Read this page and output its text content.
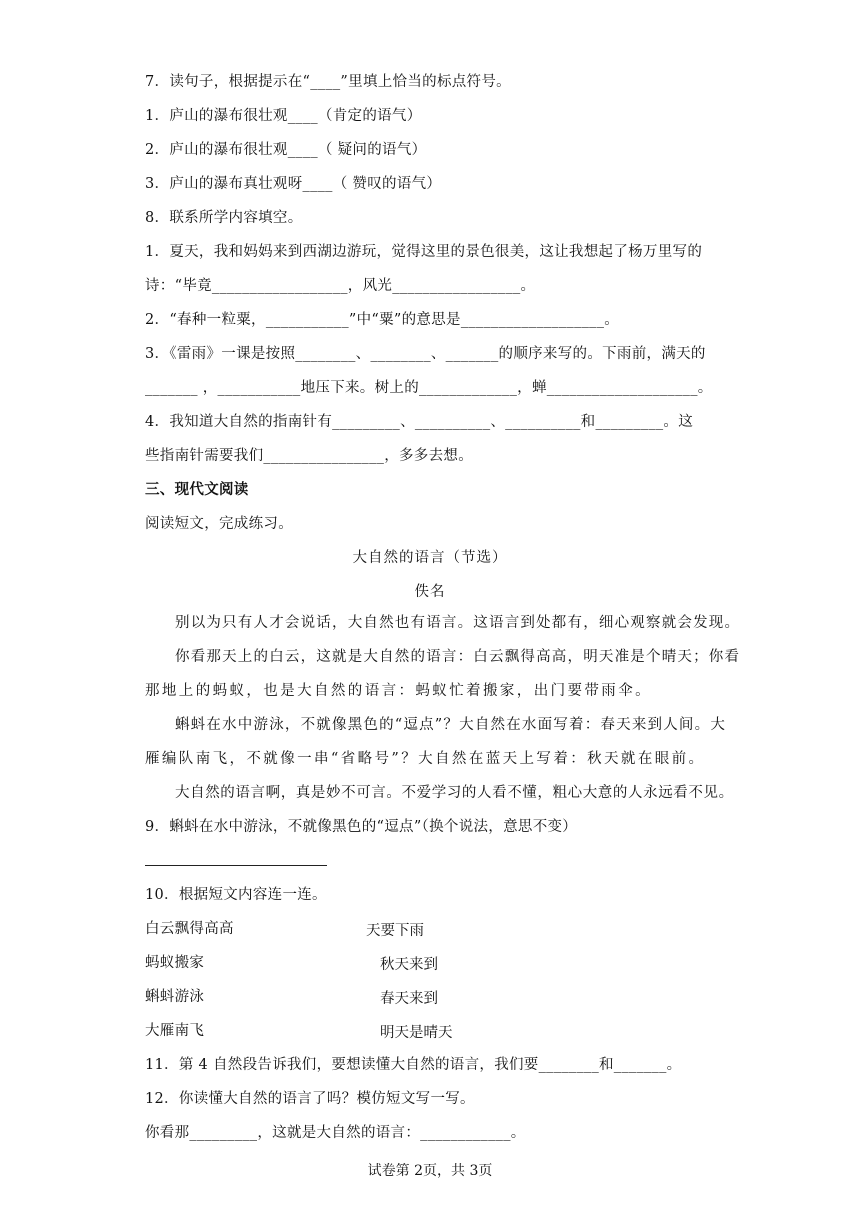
7．读句子，根据提示在“____”里填上恰当的标点符号。
1．庐山的瀑布很壮观____（肯定的语气）
2．庐山的瀑布很壮观____（ 疑问的语气）
3．庐山的瀑布真壮观呀____（ 赞叹的语气）
8．联系所学内容填空。
1．夏天，我和妈妈来到西湖边游玩，觉得这里的景色很美，这让我想起了杨万里写的
诗：“毕竟__________________，风光_________________。
2．“春种一粒粟，___________”中“粟”的意思是___________________。
3．《雷雨》一课是按照________、________、_______的顺序来写的。下雨前，满天的
_______ ，___________地压下来。树上的_____________，蝉____________________。
4．我知道大自然的指南针有_________、__________、__________和_________。这
些指南针需要我们________________，多多去想。
三、现代文阅读
阅读短文，完成练习。
大自然的语言（节选）
佚名
别以为只有人才会说话，大自然也有语言。这语言到处都有，细心观察就会发现。
你看那天上的白云，这就是大自然的语言：白云飘得高高，明天准是个晴天；你看
那地上的蚂蚁，也是大自然的语言：蚂蚁忙着搬家，出门要带雨伞。
蝌蚪在水中游泳，不就像黑色的“逗点”？大自然在水面写着：春天来到人间。大
雁编队南飞，不就像一串“省略号”？大自然在蓝天上写着：秋天就在眼前。
大自然的语言啊，真是妙不可言。不爱学习的人看不懂，粗心大意的人永远看不见。
9．蝌蚪在水中游泳，不就像黑色的“逗点”（换个说法，意思不变）
10．根据短文内容连一连。
白云飘得高高
蚂蚁搬家
蝌蚪游泳
大雁南飞
天要下雨
秋天来到
春天来到
明天是晴天
11．第 4 自然段告诉我们，要想读懂大自然的语言，我们要________和_______。
12．你读懂大自然的语言了吗？模仿短文写一写。
你看那_________，这就是大自然的语言：____________。
试卷第 2页，共 3页
